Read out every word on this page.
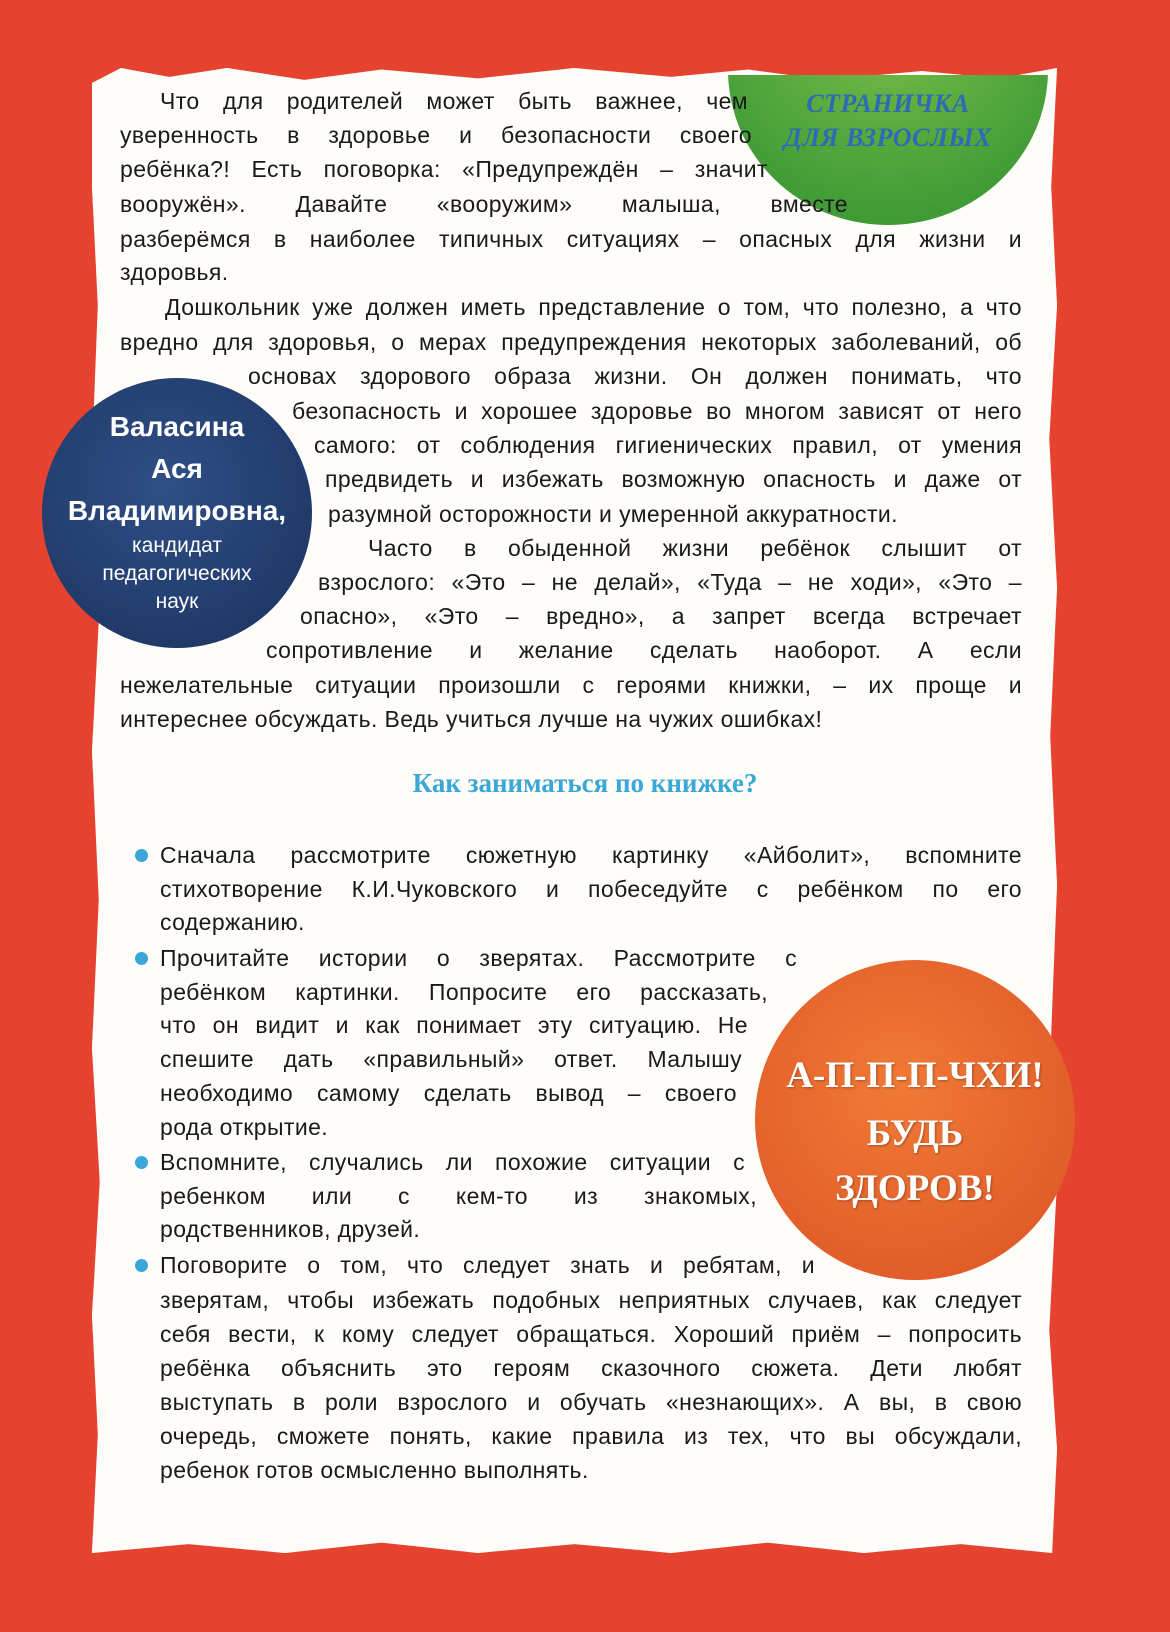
СТРАНИЧКА
ДЛЯ ВЗРОСЛЫХ
Валасина
Ася
Владимировна,
кандидат
педагогических
наук
Как заниматься по книжке?
Что для родителей может быть важнее, чем
уверенность в здоровье и безопасности своего
ребёнка?! Есть поговорка: «Предупреждён – значит
вооружён». Давайте «вооружим» малыша, вместе
разберёмся в наиболее типичных ситуациях – опасных для жизни и
здоровья.
Дошкольник уже должен иметь представление о том, что полезно, а что
вредно для здоровья, о мерах предупреждения некоторых заболеваний, об
основах здорового образа жизни. Он должен понимать, что
безопасность и хорошее здоровье во многом зависят от него
самого: от соблюдения гигиенических правил, от умения
предвидеть и избежать возможную опасность и даже от
разумной осторожности и умеренной аккуратности.
Часто в обыденной жизни ребёнок слышит от
взрослого: «Это – не делай», «Туда – не ходи», «Это –
опасно», «Это – вредно», а запрет всегда встречает
сопротивление и желание сделать наоборот. А если
нежелательные ситуации произошли с героями книжки, – их проще и
интереснее обсуждать. Ведь учиться лучше на чужих ошибках!
Сначала рассмотрите сюжетную картинку «Айболит», вспомните
стихотворение К.И.Чуковского и побеседуйте с ребёнком по его
содержанию.
Прочитайте истории о зверятах. Рассмотрите с
ребёнком картинки. Попросите его рассказать,
что он видит и как понимает эту ситуацию. Не
спешите дать «правильный» ответ. Малышу
необходимо самому сделать вывод – своего
рода открытие.
Вспомните, случались ли похожие ситуации с
ребенком или с кем-то из знакомых,
родственников, друзей.
Поговорите о том, что следует знать и ребятам, и
зверятам, чтобы избежать подобных неприятных случаев, как следует
себя вести, к кому следует обращаться. Хороший приём – попросить
ребёнка объяснить это героям сказочного сюжета. Дети любят
выступать в роли взрослого и обучать «незнающих». А вы, в свою
очередь, сможете понять, какие правила из тех, что вы обсуждали,
ребенок готов осмысленно выполнять.
А-П-П-П-ЧХИ!
БУДЬ
ЗДОРОВ!
